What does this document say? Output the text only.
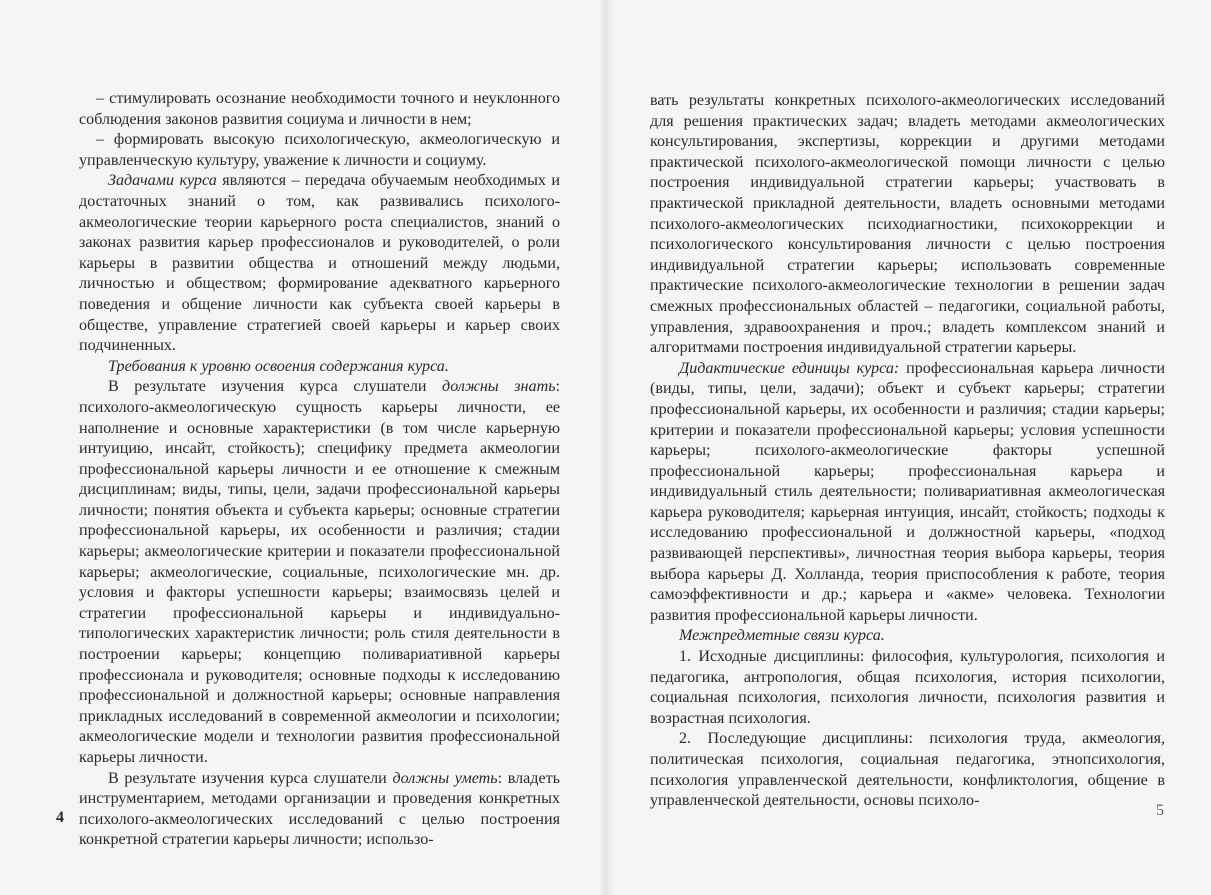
– стимулировать осознание необходимости точного и неуклонного соблюдения законов развития социума и личности в нем;

– формировать высокую психологическую, акмеологическую и управленческую культуру, уважение к личности и социуму.

Задачами курса являются – передача обучаемым необходимых и достаточных знаний о том, как развивались психолого-акмеологические теории карьерного роста специалистов, знаний о законах развития карьер профессионалов и руководителей, о роли карьеры в развитии общества и отношений между людьми, личностью и обществом; формирование адекватного карьерного поведения и общение личности как субъекта своей карьеры в обществе, управление стратегией своей карьеры и карьер своих подчиненных.

Требования к уровню освоения содержания курса.

В результате изучения курса слушатели должны знать: психолого-акмеологическую сущность карьеры личности, ее наполнение и основные характеристики (в том числе карьерную интуицию, инсайт, стойкость); специфику предмета акмеологии профессиональной карьеры личности и ее отношение к смежным дисциплинам; виды, типы, цели, задачи профессиональной карьеры личности; понятия объекта и субъекта карьеры; основные стратегии профессиональной карьеры, их особенности и различия; стадии карьеры; акмеологические критерии и показатели профессиональной карьеры; акмеологические, социальные, психологические мн. др. условия и факторы успешности карьеры; взаимосвязь целей и стратегии профессиональной карьеры и индивидуально-типологических характеристик личности; роль стиля деятельности в построении карьеры; концепцию поливариативной карьеры профессионала и руководителя; основные подходы к исследованию профессиональной и должностной карьеры; основные направления прикладных исследований в современной акмеологии и психологии; акмеологические модели и технологии развития профессиональной карьеры личности.

В результате изучения курса слушатели должны уметь: владеть инструментарием, методами организации и проведения конкретных психолого-акмеологических исследований с целью построения конкретной стратегии карьеры личности; использо-

4

вать результаты конкретных психолого-акмеологических исследований для решения практических задач; владеть методами акмеологических консультирования, экспертизы, коррекции и другими методами практической психолого-акмеологической помощи личности с целью построения индивидуальной стратегии карьеры; участвовать в практической прикладной деятельности, владеть основными методами психолого-акмеологических психодиагностики, психокоррекции и психологического консультирования личности с целью построения индивидуальной стратегии карьеры; использовать современные практические психолого-акмеологические технологии в решении задач смежных профессиональных областей – педагогики, социальной работы, управления, здравоохранения и проч.; владеть комплексом знаний и алгоритмами построения индивидуальной стратегии карьеры.

Дидактические единицы курса: профессиональная карьера личности (виды, типы, цели, задачи); объект и субъект карьеры; стратегии профессиональной карьеры, их особенности и различия; стадии карьеры; критерии и показатели профессиональной карьеры; условия успешности карьеры; психолого-акмеологические факторы успешной профессиональной карьеры; профессиональная карьера и индивидуальный стиль деятельности; поливариативная акмеологическая карьера руководителя; карьерная интуиция, инсайт, стойкость; подходы к исследованию профессиональной и должностной карьеры, «подход развивающей перспективы», личностная теория выбора карьеры, теория выбора карьеры Д. Холланда, теория приспособления к работе, теория самоэффективности и др.; карьера и «акме» человека. Технологии развития профессиональной карьеры личности.

Межпредметные связи курса.

1. Исходные дисциплины: философия, культурология, психология и педагогика, антропология, общая психология, история психологии, социальная психология, психология личности, психология развития и возрастная психология.

2. Последующие дисциплины: психология труда, акмеология, политическая психология, социальная педагогика, этнопсихология, психология управленческой деятельности, конфликтология, общение в управленческой деятельности, основы психоло-

5
